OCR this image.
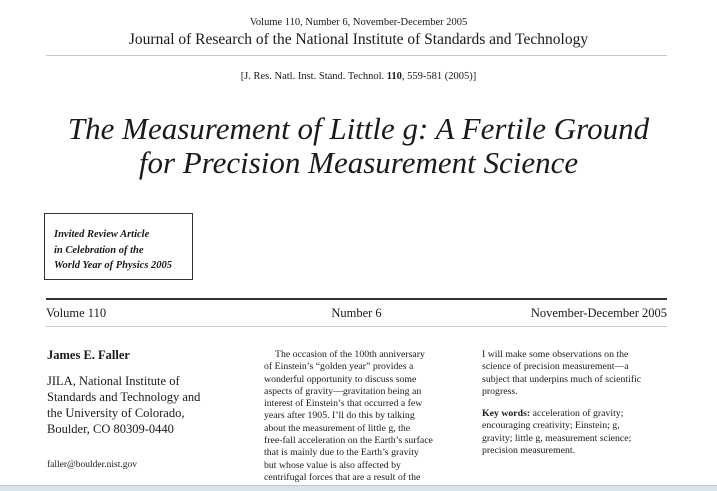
Volume 110, Number 6, November-December 2005
Journal of Research of the National Institute of Standards and Technology
[J. Res. Natl. Inst. Stand. Technol. 110, 559-581 (2005)]
The Measurement of Little g: A Fertile Ground
for Precision Measurement Science
Invited Review Article
in Celebration of the
World Year of Physics 2005
Volume 110	Number 6	November-December 2005
James E. Faller
JILA, National Institute of
Standards and Technology and
the University of Colorado,
Boulder, CO 80309-0440
faller@boulder.nist.gov
The occasion of the 100th anniversary
of Einstein’s “golden year” provides a
wonderful opportunity to discuss some
aspects of gravity—gravitation being an
interest of Einstein’s that occurred a few
years after 1905. I’ll do this by talking
about the measurement of little g, the
free-fall acceleration on the Earth’s surface
that is mainly due to the Earth’s gravity
but whose value is also affected by
centrifugal forces that are a result of the
I will make some observations on the
science of precision measurement—a
subject that underpins much of scientific
progress.
Key words: acceleration of gravity;
encouraging creativity; Einstein; g,
gravity; little g, measurement science;
precision measurement.
